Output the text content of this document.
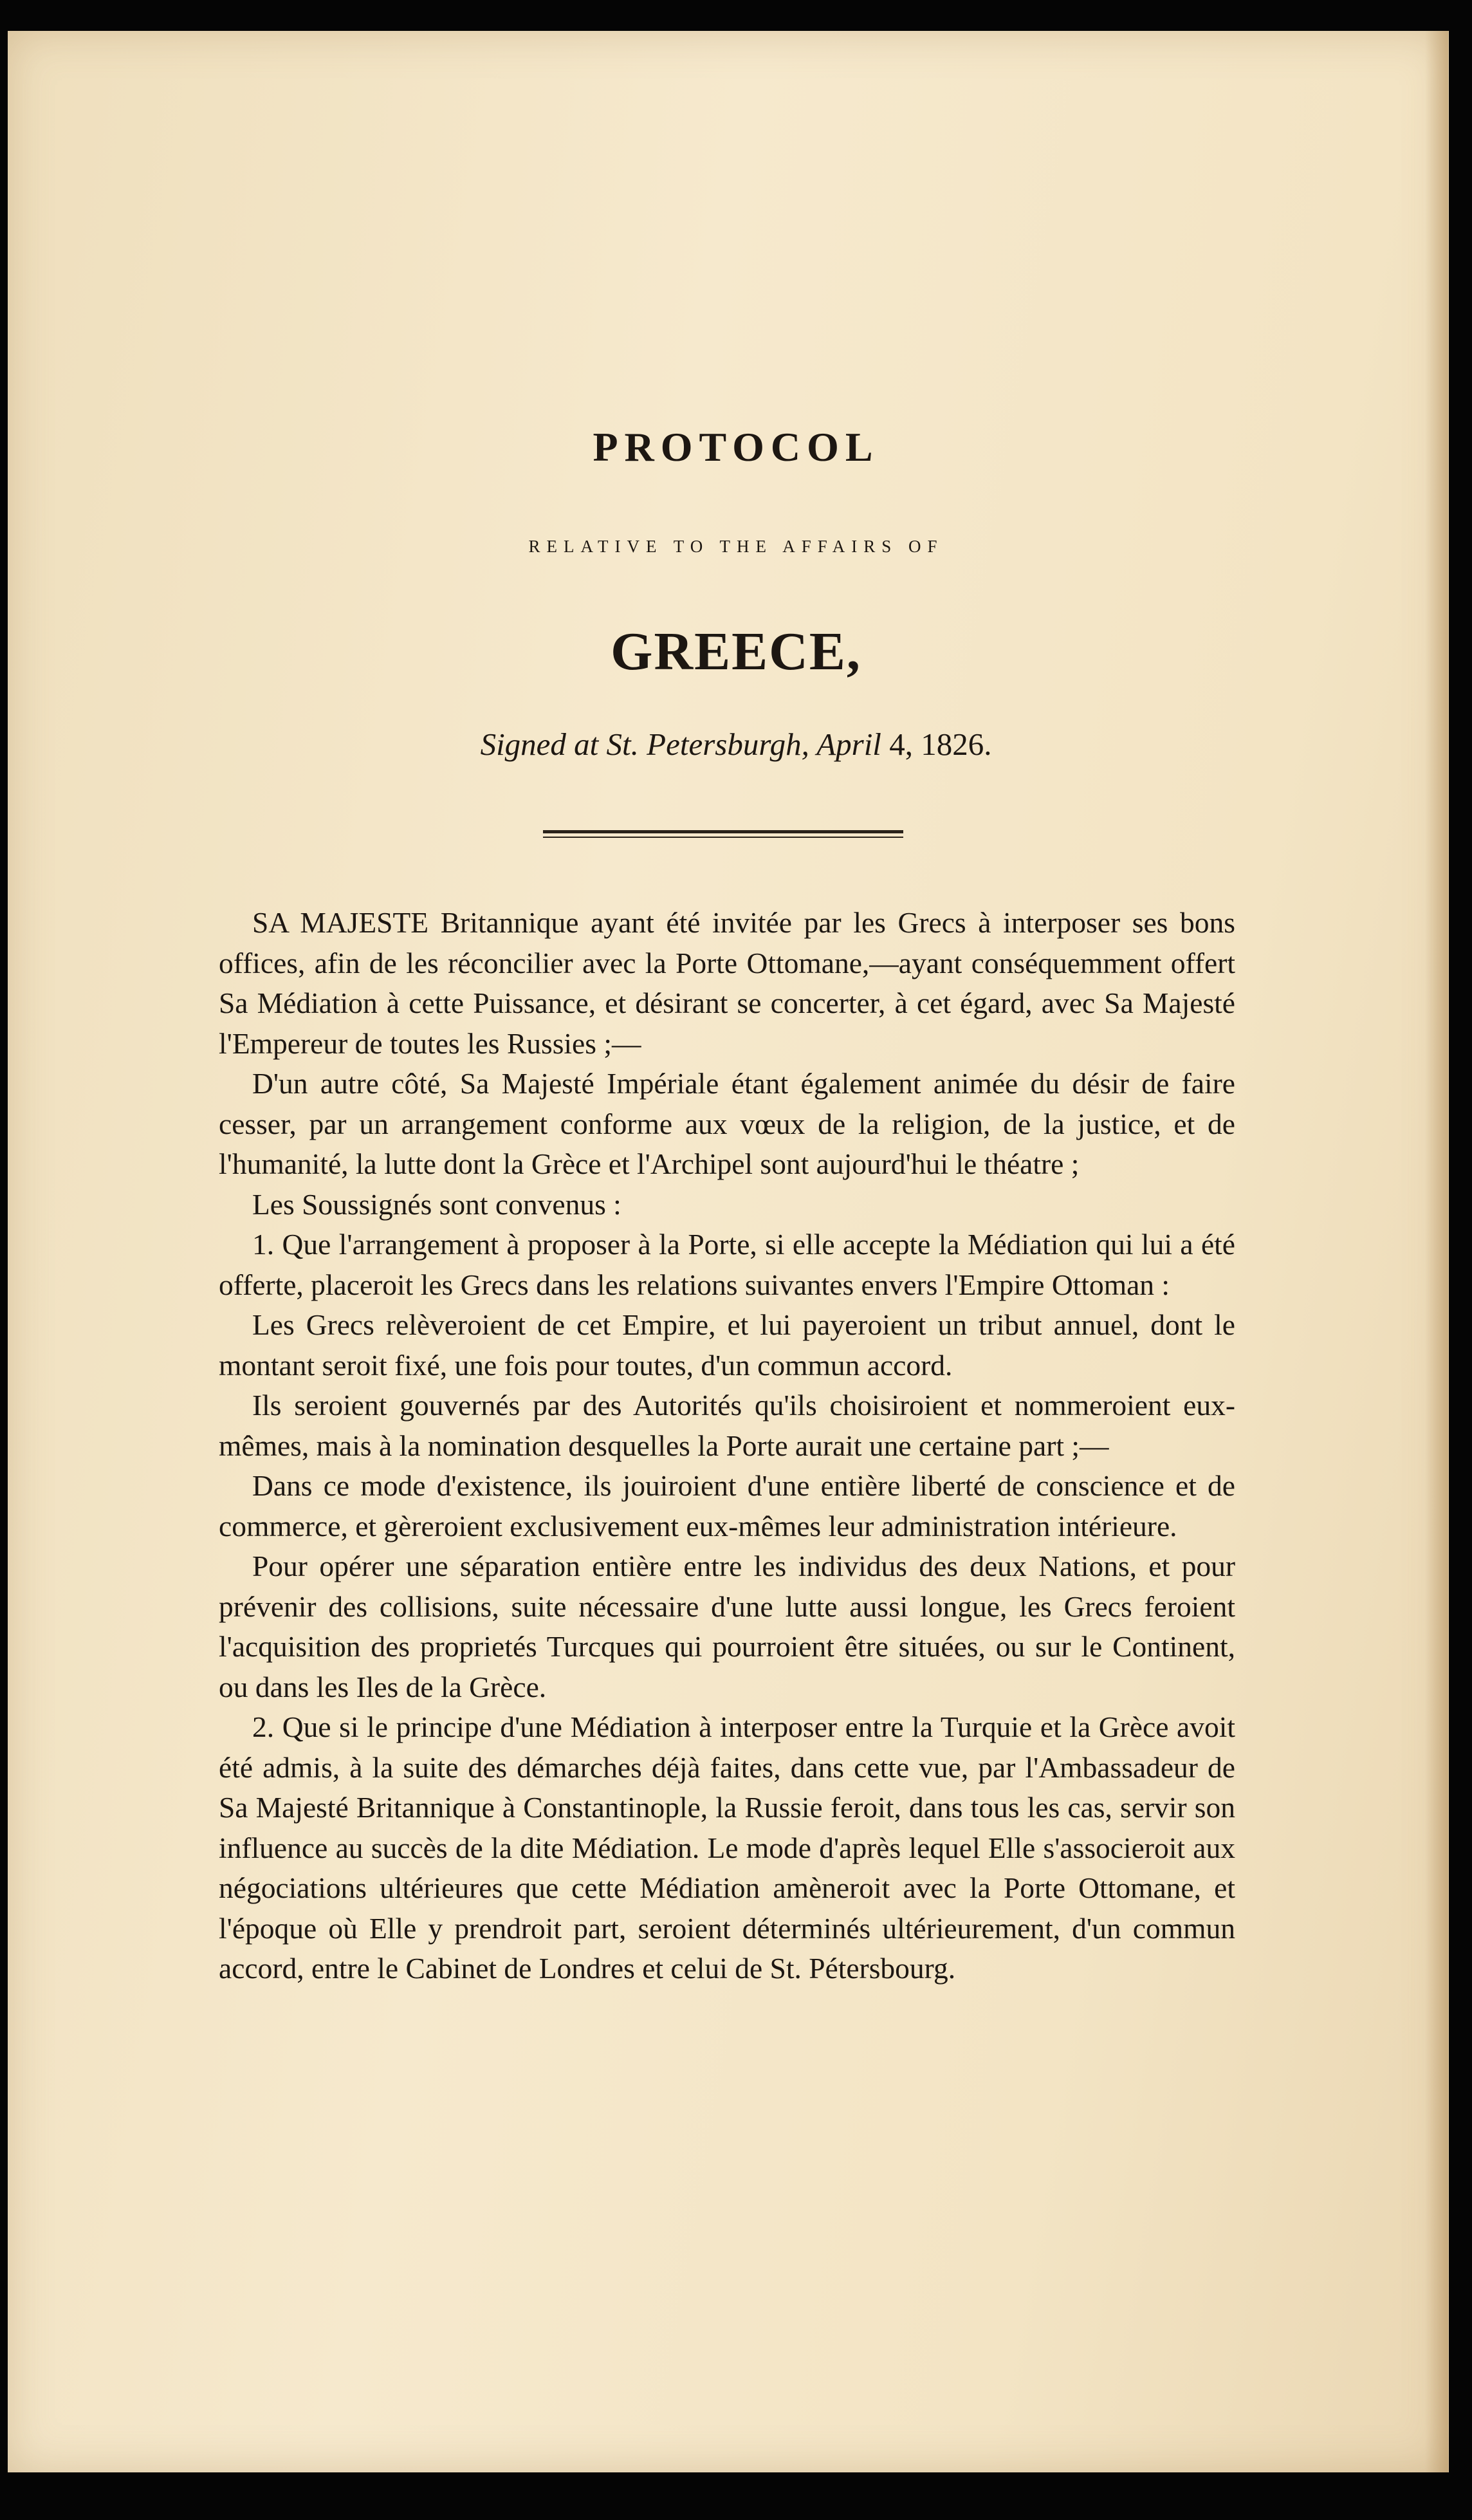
PROTOCOL
RELATIVE TO THE AFFAIRS OF
GREECE,
Signed at St. Petersburgh, April 4, 1826.

SA MAJESTE Britannique ayant été invitée par les Grecs à interposer ses bons offices, afin de les réconcilier avec la Porte Ottomane,—ayant conséquemment offert Sa Médiation à cette Puissance, et désirant se concerter, à cet égard, avec Sa Majesté l'Empereur de toutes les Russies ;—

D'un autre côté, Sa Majesté Impériale étant également animée du désir de faire cesser, par un arrangement conforme aux vœux de la religion, de la justice, et de l'humanité, la lutte dont la Grèce et l'Archipel sont aujourd'hui le théatre ;

Les Soussignés sont convenus :

1. Que l'arrangement à proposer à la Porte, si elle accepte la Médiation qui lui a été offerte, placeroit les Grecs dans les relations suivantes envers l'Empire Ottoman :

Les Grecs relèveroient de cet Empire, et lui payeroient un tribut annuel, dont le montant seroit fixé, une fois pour toutes, d'un commun accord.

Ils seroient gouvernés par des Autorités qu'ils choisiroient et nommeroient eux-mêmes, mais à la nomination desquelles la Porte aurait une certaine part ;—

Dans ce mode d'existence, ils jouiroient d'une entière liberté de conscience et de commerce, et gèreroient exclusivement eux-mêmes leur administration intérieure.

Pour opérer une séparation entière entre les individus des deux Nations, et pour prévenir des collisions, suite nécessaire d'une lutte aussi longue, les Grecs feroient l'acquisition des proprietés Turcques qui pourroient être situées, ou sur le Continent, ou dans les Iles de la Grèce.

2. Que si le principe d'une Médiation à interposer entre la Turquie et la Grèce avoit été admis, à la suite des démarches déjà faites, dans cette vue, par l'Ambassadeur de Sa Majesté Britannique à Constantinople, la Russie feroit, dans tous les cas, servir son influence au succès de la dite Médiation. Le mode d'après lequel Elle s'associeroit aux négociations ultérieures que cette Médiation amèneroit avec la Porte Ottomane, et l'époque où Elle y prendroit part, seroient déterminés ultérieurement, d'un commun accord, entre le Cabinet de Londres et celui de St. Pétersbourg.
